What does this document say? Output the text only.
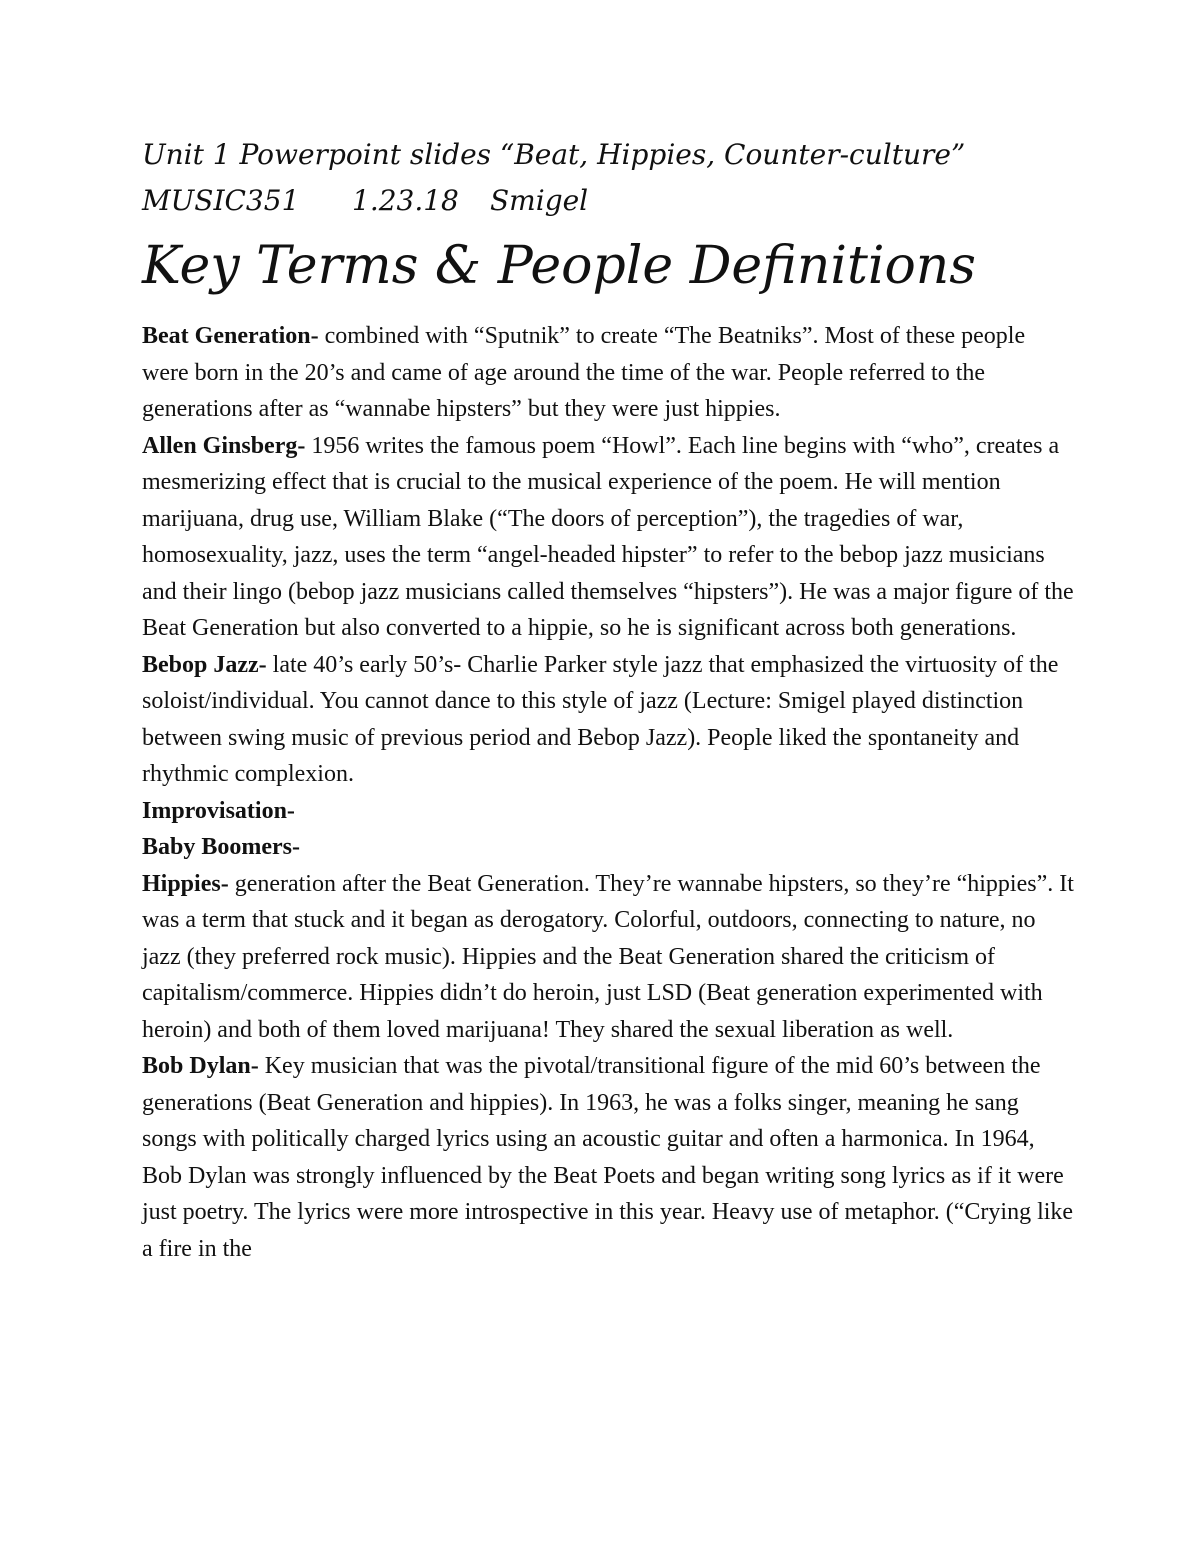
Unit 1 Powerpoint slides “Beat, Hippies, Counter-culture”
MUSIC351 1.23.18 Smigel
Key Terms & People Definitions

Beat Generation- combined with “Sputnik” to create “The Beatniks”. Most of these people were born in the 20’s and came of age around the time of the war. People referred to the generations after as “wannabe hipsters” but they were just hippies.

Allen Ginsberg- 1956 writes the famous poem “Howl”. Each line begins with “who”, creates a mesmerizing effect that is crucial to the musical experience of the poem. He will mention marijuana, drug use, William Blake (“The doors of perception”), the tragedies of war, homosexuality, jazz, uses the term “angel-headed hipster” to refer to the bebop jazz musicians and their lingo (bebop jazz musicians called themselves “hipsters”). He was a major figure of the Beat Generation but also converted to a hippie, so he is significant across both generations.

Bebop Jazz- late 40’s early 50’s- Charlie Parker style jazz that emphasized the virtuosity of the soloist/individual. You cannot dance to this style of jazz (Lecture: Smigel played distinction between swing music of previous period and Bebop Jazz). People liked the spontaneity and rhythmic complexion.

Improvisation-

Baby Boomers-

Hippies- generation after the Beat Generation. They’re wannabe hipsters, so they’re “hippies”. It was a term that stuck and it began as derogatory. Colorful, outdoors, connecting to nature, no jazz (they preferred rock music). Hippies and the Beat Generation shared the criticism of capitalism/commerce. Hippies didn’t do heroin, just LSD (Beat generation experimented with heroin) and both of them loved marijuana! They shared the sexual liberation as well.

Bob Dylan- Key musician that was the pivotal/transitional figure of the mid 60’s between the generations (Beat Generation and hippies). In 1963, he was a folks singer, meaning he sang songs with politically charged lyrics using an acoustic guitar and often a harmonica. In 1964, Bob Dylan was strongly influenced by the Beat Poets and began writing song lyrics as if it were just poetry. The lyrics were more introspective in this year. Heavy use of metaphor. (“Crying like a fire in the
